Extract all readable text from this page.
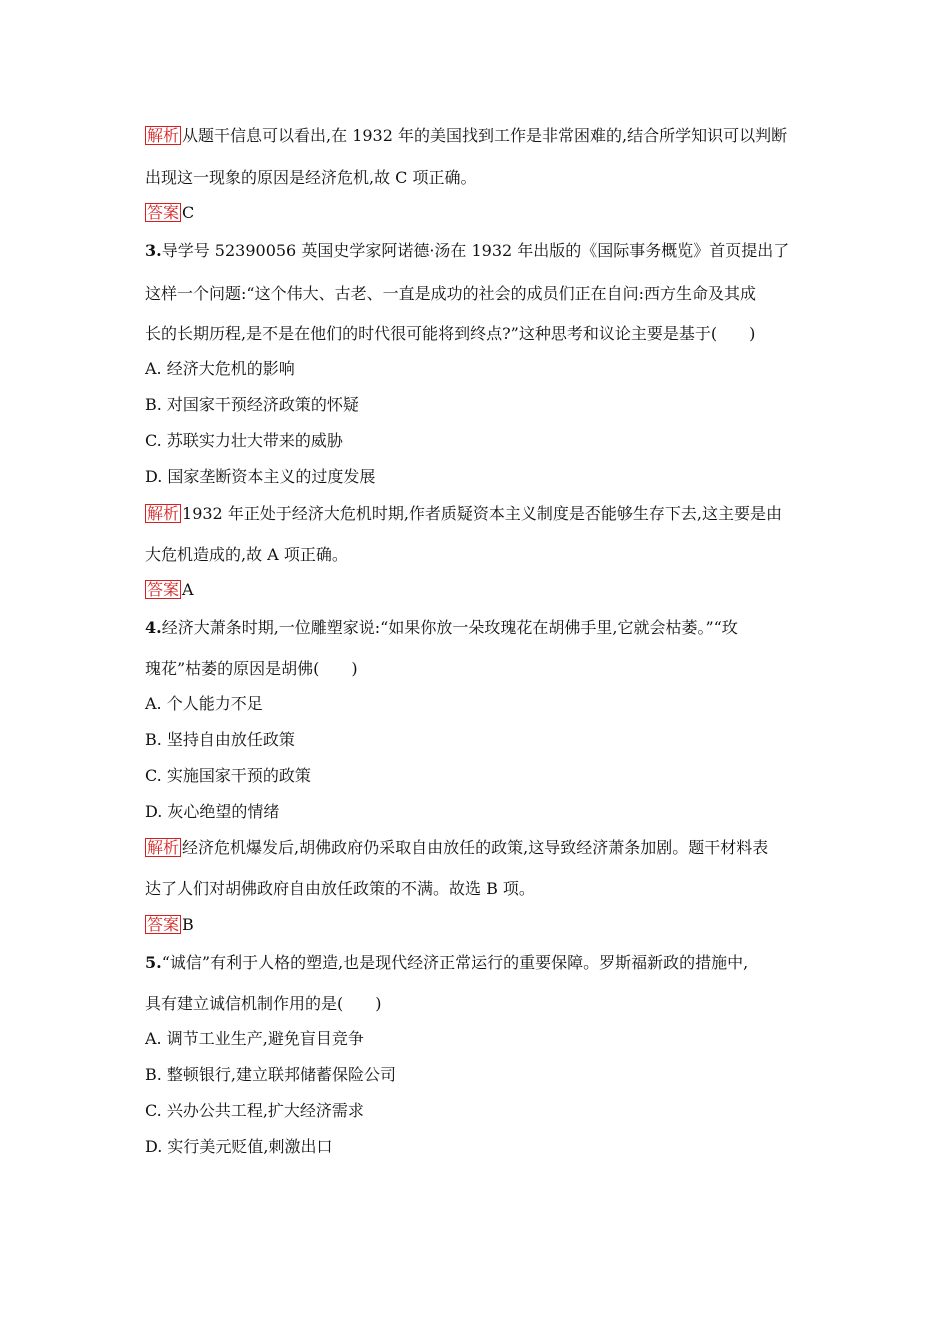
解析 从题干信息可以看出,在 1932 年的美国找到工作是非常困难的,结合所学知识可以判断
出现这一现象的原因是经济危机,故 C 项正确。
答案 C
3.导学号 52390056 英国史学家阿诺德·汤在 1932 年出版的《国际事务概览》首页提出了
这样一个问题:“这个伟大、古老、一直是成功的社会的成员们正在自问:西方生命及其成
长的长期历程,是不是在他们的时代很可能将到终点?”这种思考和议论主要是基于(　　)
A. 经济大危机的影响
B. 对国家干预经济政策的怀疑
C. 苏联实力壮大带来的威胁
D. 国家垄断资本主义的过度发展
解析 1932 年正处于经济大危机时期,作者质疑资本主义制度是否能够生存下去,这主要是由
大危机造成的,故 A 项正确。
答案 A
4.经济大萧条时期,一位雕塑家说:“如果你放一朵玫瑰花在胡佛手里,它就会枯萎。”“玫
瑰花”枯萎的原因是胡佛(　　)
A. 个人能力不足
B. 坚持自由放任政策
C. 实施国家干预的政策
D. 灰心绝望的情绪
解析 经济危机爆发后,胡佛政府仍采取自由放任的政策,这导致经济萧条加剧。题干材料表
达了人们对胡佛政府自由放任政策的不满。故选 B 项。
答案 B
5.“诚信”有利于人格的塑造,也是现代经济正常运行的重要保障。罗斯福新政的措施中,
具有建立诚信机制作用的是(　　)
A. 调节工业生产,避免盲目竞争
B. 整顿银行,建立联邦储蓄保险公司
C. 兴办公共工程,扩大经济需求
D. 实行美元贬值,刺激出口
